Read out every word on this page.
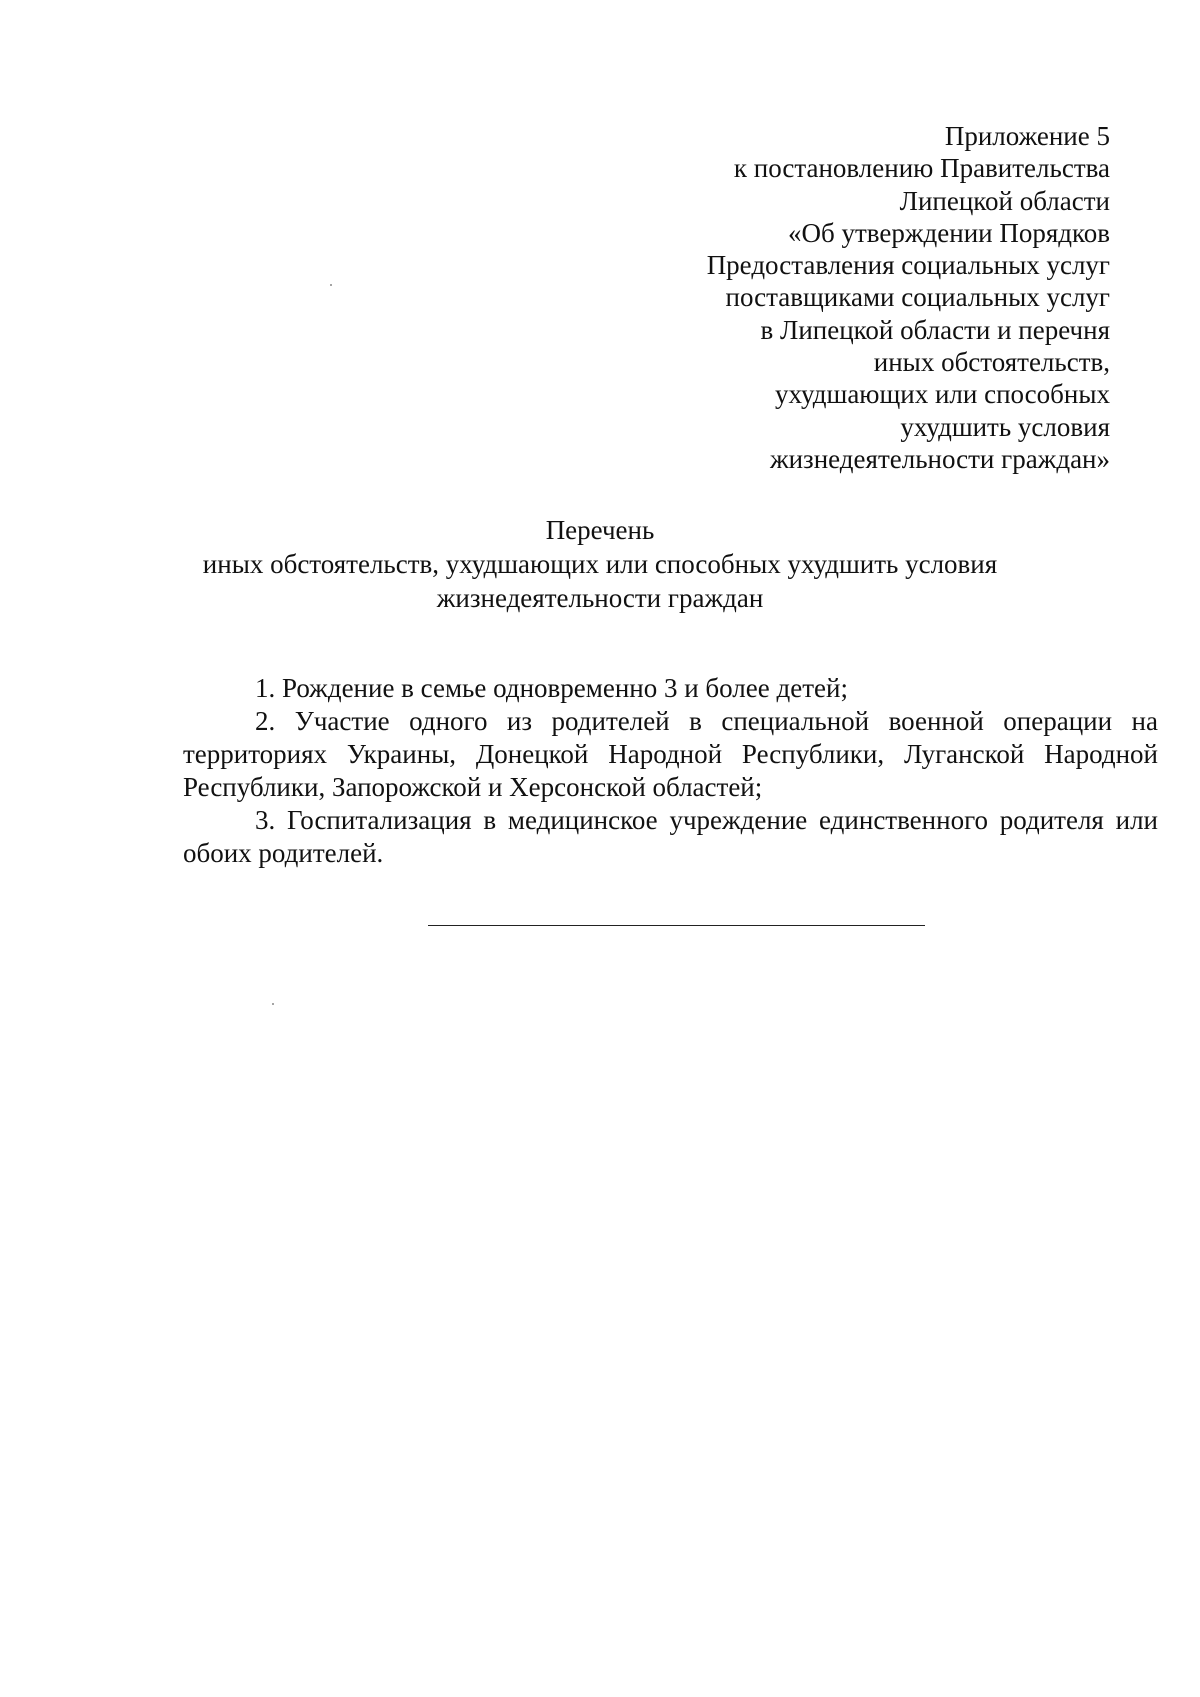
Приложение 5
к постановлению Правительства
Липецкой области
«Об утверждении Порядков
Предоставления социальных услуг
поставщиками социальных услуг
в Липецкой области и перечня
иных обстоятельств,
ухудшающих или способных
ухудшить условия
жизнедеятельности граждан»
Перечень
иных обстоятельств, ухудшающих или способных ухудшить условия
жизнедеятельности граждан

1. Рождение в семье одновременно 3 и более детей;

2. Участие одного из родителей в специальной военной операции на территориях Украины, Донецкой Народной Республики, Луганской Народной Республики, Запорожской и Херсонской областей;

3. Госпитализация в медицинское учреждение единственного родителя или обоих родителей.
